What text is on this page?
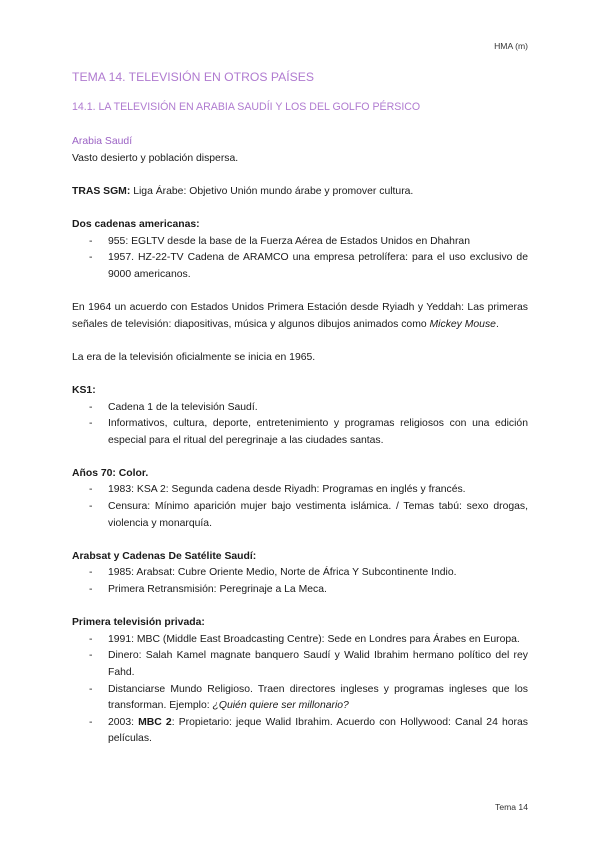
HMA (m)
TEMA 14. TELEVISIÓN EN OTROS PAÍSES
14.1. LA TELEVISIÓN EN ARABIA SAUDÍI Y LOS DEL GOLFO PÉRSICO

Arabia Saudí

Vasto desierto y población dispersa.

TRAS SGM: Liga Árabe: Objetivo Unión mundo árabe y promover cultura.

Dos cadenas americanas:

- 955: EGLTV desde la base de la Fuerza Aérea de Estados Unidos en Dhahran
- 1957. HZ-22-TV Cadena de ARAMCO una empresa petrolífera: para el uso exclusivo de 9000 americanos.

En 1964 un acuerdo con Estados Unidos Primera Estación desde Ryiadh y Yeddah: Las primeras señales de televisión: diapositivas, música y algunos dibujos animados como Mickey Mouse.

La era de la televisión oficialmente se inicia en 1965.

KS1:

- Cadena 1 de la televisión Saudí.
- Informativos, cultura, deporte, entretenimiento y programas religiosos con una edición especial para el ritual del peregrinaje a las ciudades santas.

Años 70: Color.

- 1983: KSA 2: Segunda cadena desde Riyadh: Programas en inglés y francés.
- Censura: Mínimo aparición mujer bajo vestimenta islámica. / Temas tabú: sexo drogas, violencia y monarquía.

Arabsat y Cadenas De Satélite Saudí:

- 1985: Arabsat: Cubre Oriente Medio, Norte de África Y Subcontinente Indio.
- Primera Retransmisión: Peregrinaje a La Meca.

Primera televisión privada:

- 1991: MBC (Middle East Broadcasting Centre): Sede en Londres para Árabes en Europa.
- Dinero: Salah Kamel magnate banquero Saudí y Walid Ibrahim hermano político del rey Fahd.
- Distanciarse Mundo Religioso. Traen directores ingleses y programas ingleses que los transforman. Ejemplo: ¿Quién quiere ser millonario?
- 2003: MBC 2: Propietario: jeque Walid Ibrahim. Acuerdo con Hollywood: Canal 24 horas películas.
Tema 14
